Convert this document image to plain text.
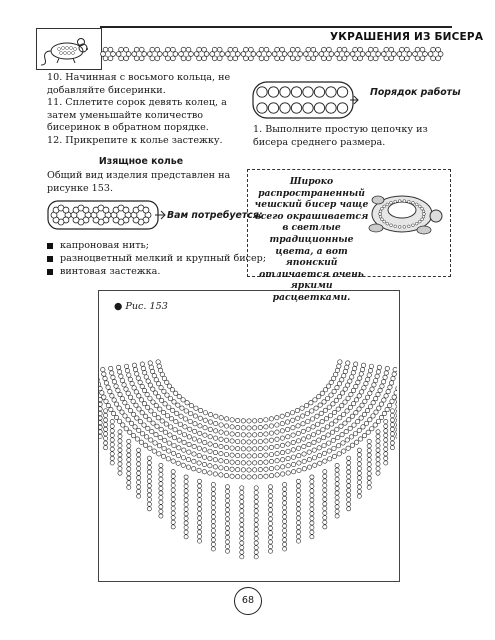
УКРАШЕНИЯ ИЗ БИСЕРА
10. Начинная с восьмого кольца, не добавляйте бисеринки.
11. Сплетите сорок девять колец, а затем уменьшайте количество бисеринок в обратном порядке.
12. Прикрепите к колье застежку.
Изящное колье
Общий вид изделия представлен на рисунке 153.
Вам потребуется:
капроновая нить;
разноцветный мелкий и крупный бисер;
винтовая застежка.
Порядок работы
1. Выполните простую цепочку из бисера среднего размера.
Широко распространенный чешский бисер чаще всего окрашивается в светлые традиционные цвета, а вот японский отличается очень яркими расцветками.
● Рис. 153
68
